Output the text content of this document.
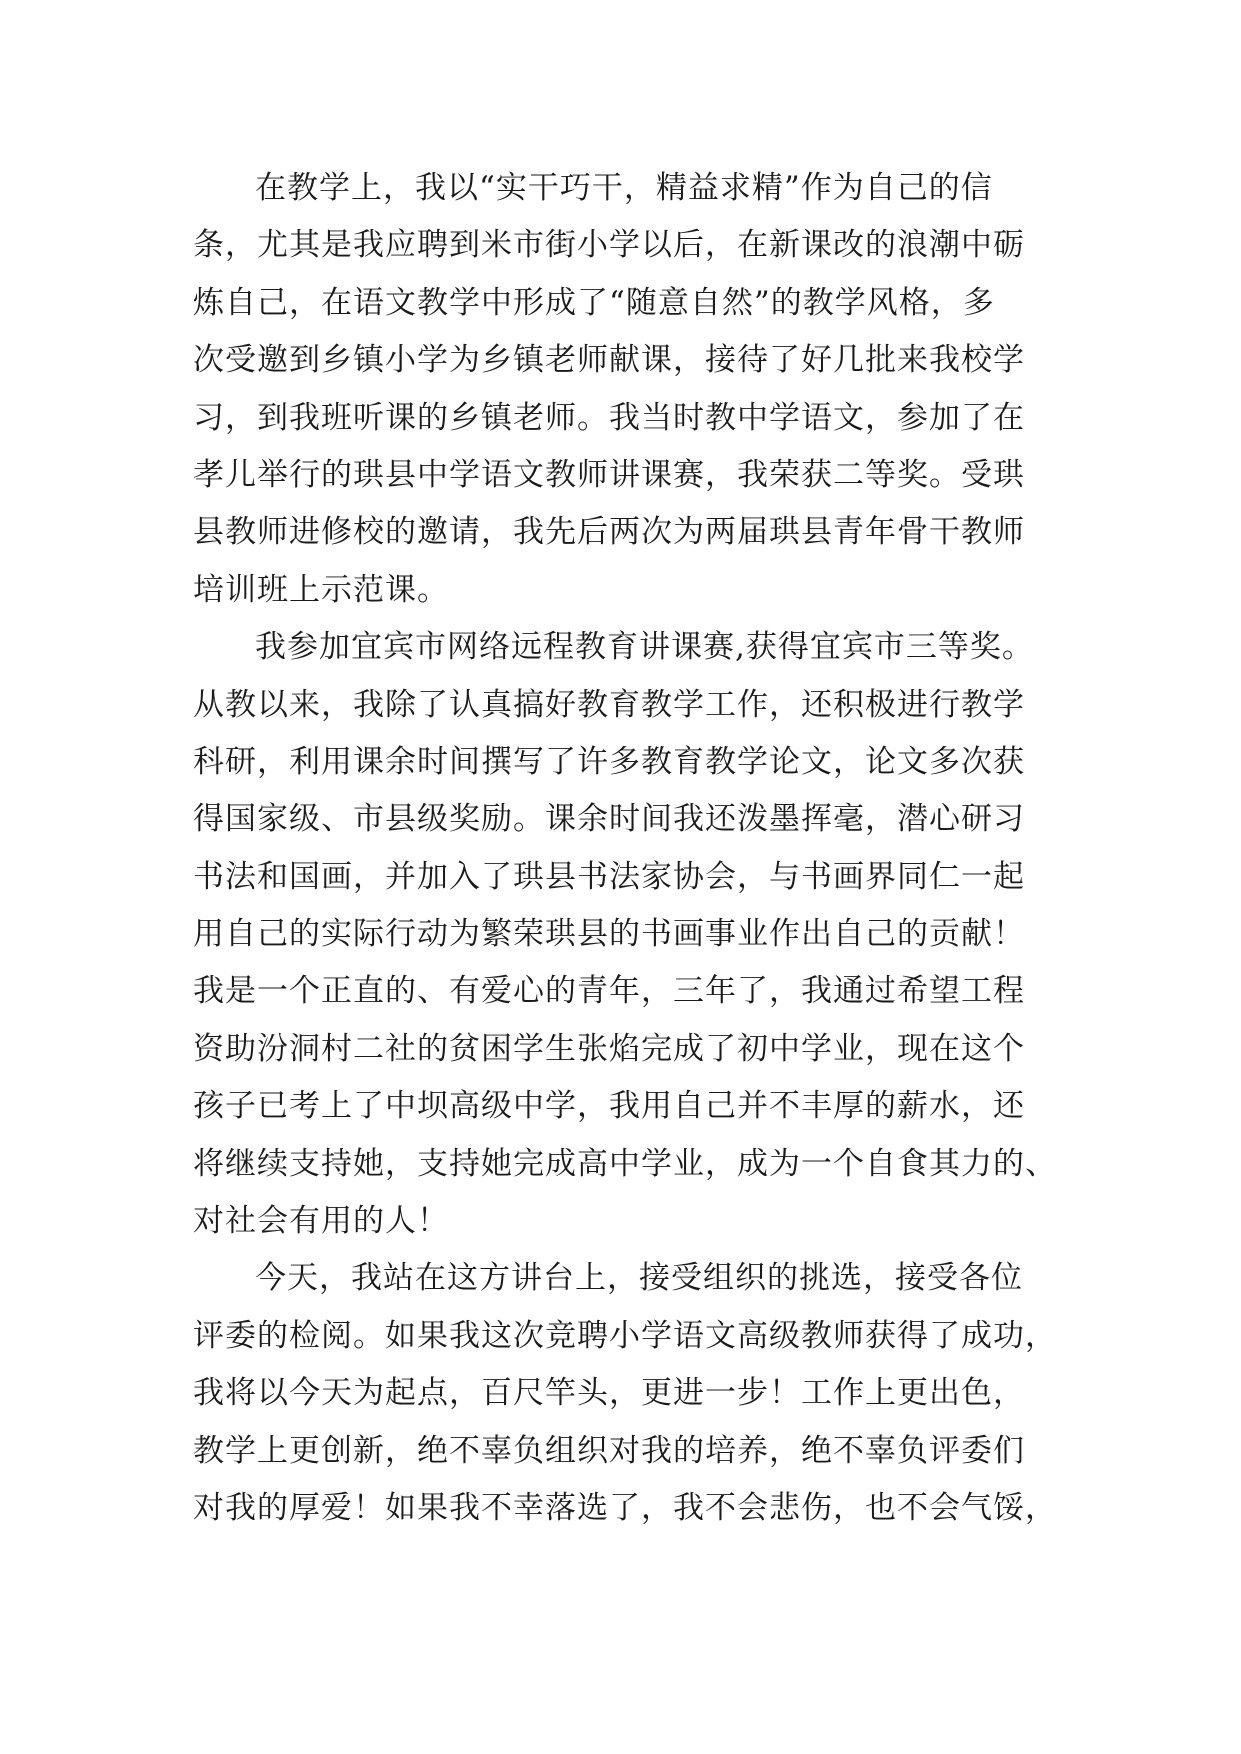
在教学上，我以“实干巧干，精益求精”作为自己的信
条，尤其是我应聘到米市街小学以后，在新课改的浪潮中砺
炼自己，在语文教学中形成了“随意自然”的教学风格，多
次受邀到乡镇小学为乡镇老师献课，接待了好几批来我校学
习，到我班听课的乡镇老师。我当时教中学语文，参加了在
孝儿举行的珙县中学语文教师讲课赛，我荣获二等奖。受珙
县教师进修校的邀请，我先后两次为两届珙县青年骨干教师
培训班上示范课。
我参加宜宾市网络远程教育讲课赛,获得宜宾市三等奖。
从教以来，我除了认真搞好教育教学工作，还积极进行教学
科研，利用课余时间撰写了许多教育教学论文，论文多次获
得国家级、市县级奖励。课余时间我还泼墨挥毫，潜心研习
书法和国画，并加入了珙县书法家协会，与书画界同仁一起
用自己的实际行动为繁荣珙县的书画事业作出自己的贡献！
我是一个正直的、有爱心的青年，三年了，我通过希望工程
资助汾洞村二社的贫困学生张焰完成了初中学业，现在这个
孩子已考上了中坝高级中学，我用自己并不丰厚的薪水，还
将继续支持她，支持她完成高中学业，成为一个自食其力的、
对社会有用的人！
今天，我站在这方讲台上，接受组织的挑选，接受各位
评委的检阅。如果我这次竞聘小学语文高级教师获得了成功，
我将以今天为起点，百尺竿头，更进一步！工作上更出色，
教学上更创新，绝不辜负组织对我的培养，绝不辜负评委们
对我的厚爱！如果我不幸落选了，我不会悲伤，也不会气馁，
